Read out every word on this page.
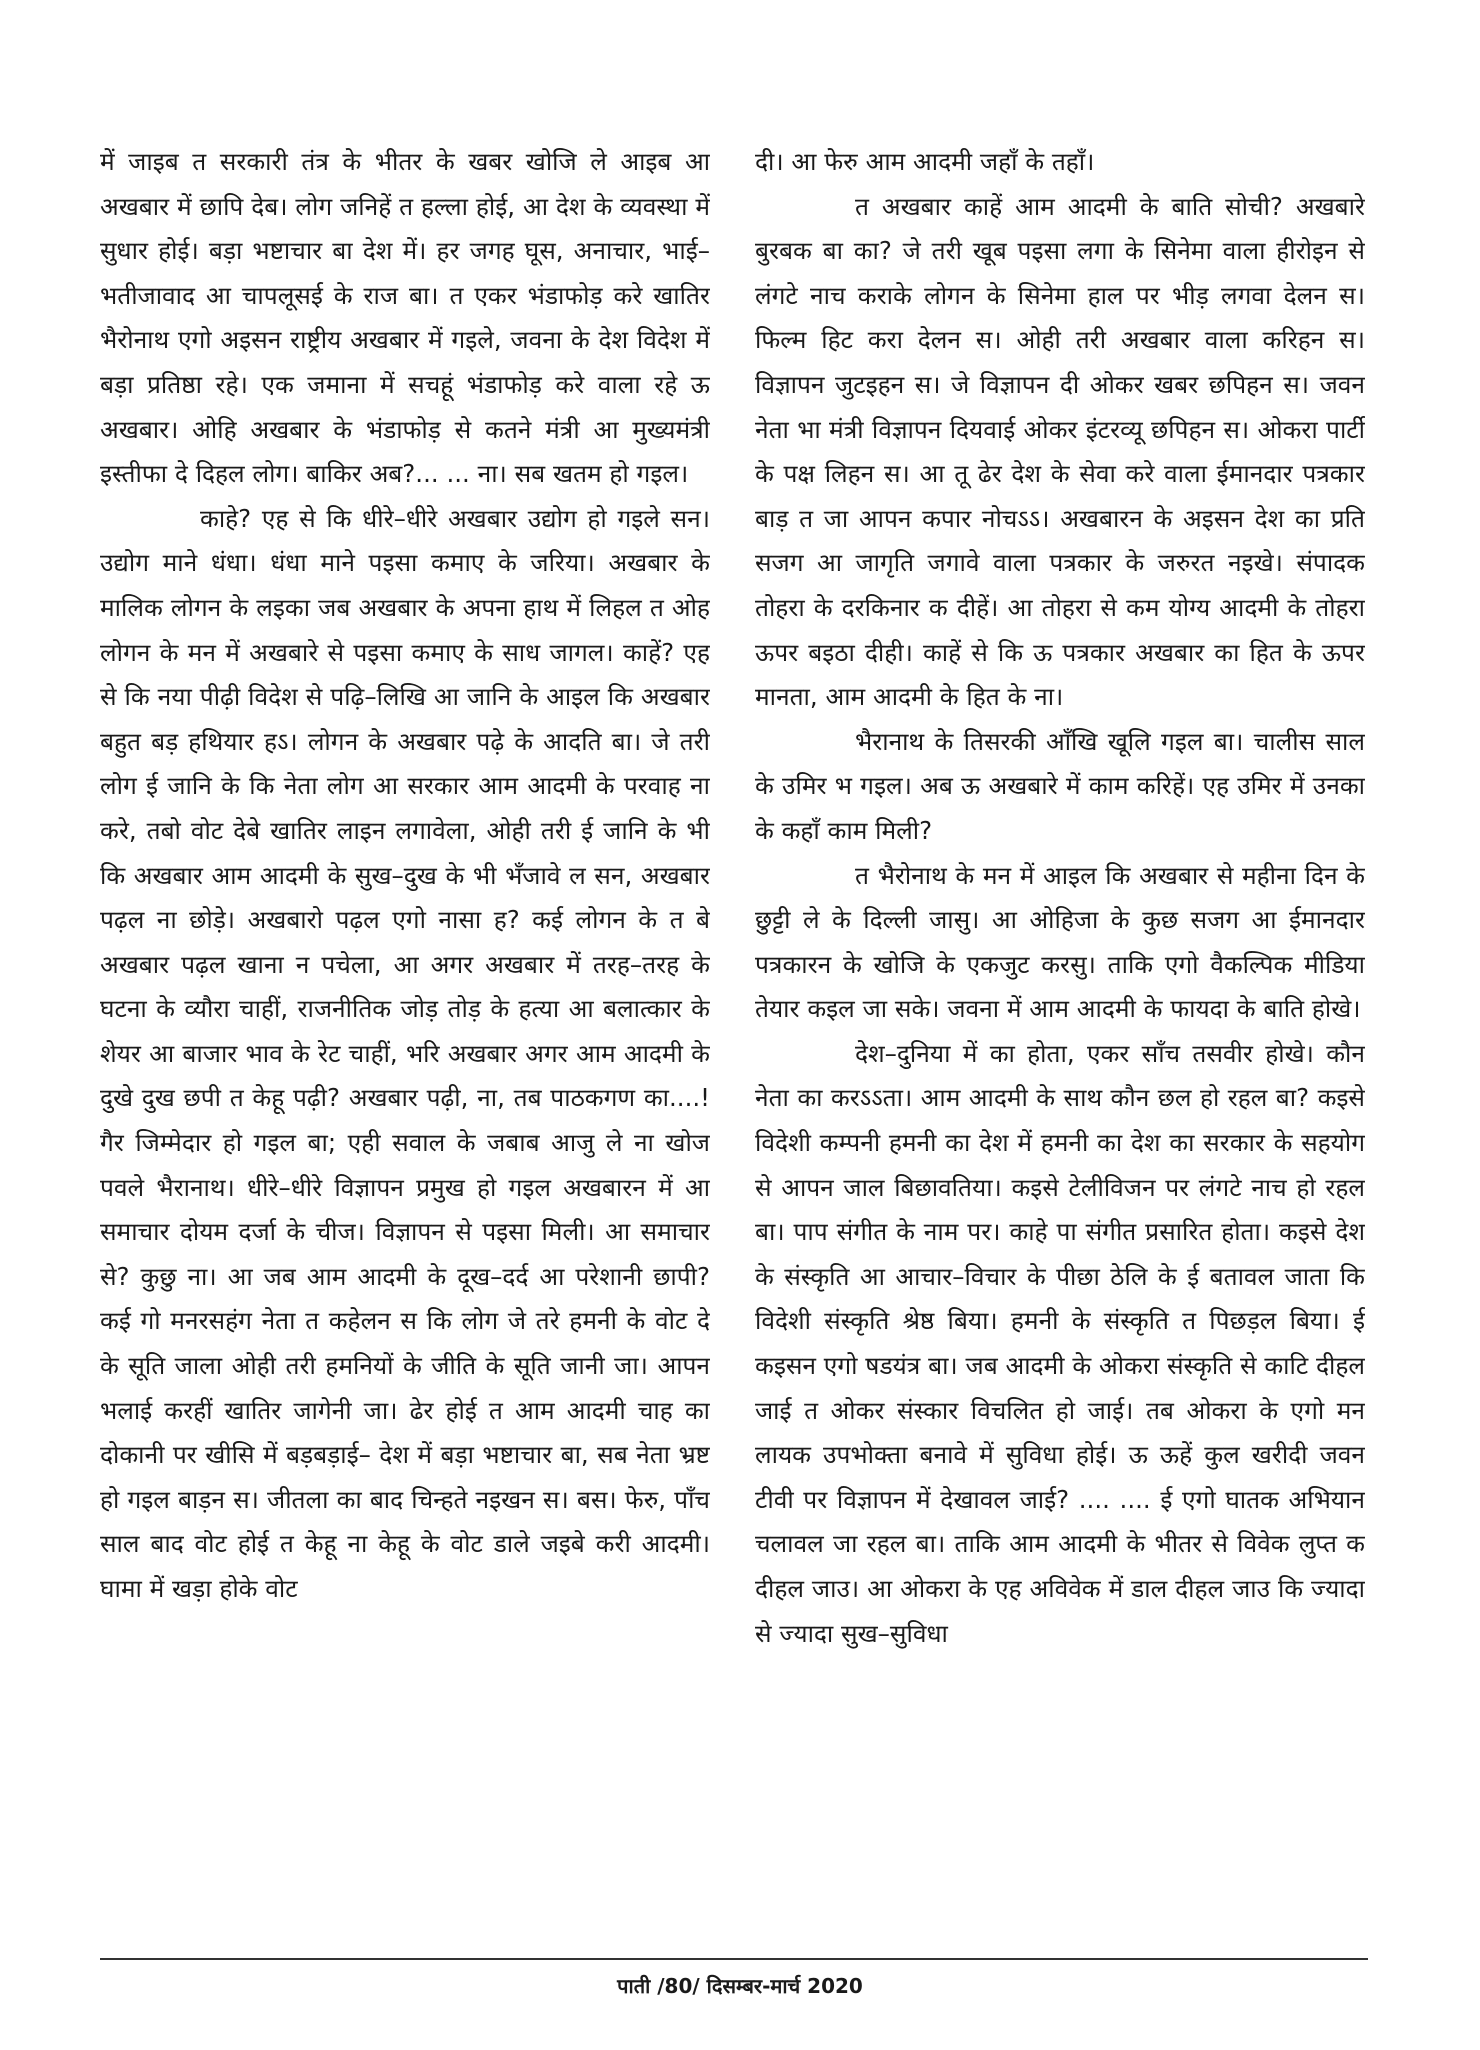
में जाइब त सरकारी तंत्र के भीतर के खबर खोजि ले आइब आ अखबार में छापि देब। लोग जनिहें त हल्ला होई, आ देश के व्यवस्था में सुधार होई। बड़ा भष्टाचार बा देश में। हर जगह घूस, अनाचार, भाई–भतीजावाद आ चापलूसई के राज बा। त एकर भंडाफोड़ करे खातिर भैरोनाथ एगो अइसन राष्ट्रीय अखबार में गइले, जवना के देश विदेश में बड़ा प्रतिष्ठा रहे। एक जमाना में सचहूं भंडाफोड़ करे वाला रहे ऊ अखबार। ओहि अखबार के भंडाफोड़ से कतने मंत्री आ मुख्यमंत्री इस्तीफा दे दिहल लोग। बाकिर अब?... ... ना। सब खतम हो गइल।

काहे? एह से कि धीरे–धीरे अखबार उद्योग हो गइले सन। उद्योग माने धंधा। धंधा माने पइसा कमाए के जरिया। अखबार के मालिक लोगन के लइका जब अखबार के अपना हाथ में लिहल त ओह लोगन के मन में अखबारे से पइसा कमाए के साध जागल। काहें? एह से कि नया पीढ़ी विदेश से पढ़ि–लिखि आ जानि के आइल कि अखबार बहुत बड़ हथियार हऽ। लोगन के अखबार पढ़े के आदति बा। जे तरी लोग ई जानि के कि नेता लोग आ सरकार आम आदमी के परवाह ना करे, तबो वोट देबे खातिर लाइन लगावेला, ओही तरी ई जानि के भी कि अखबार आम आदमी के सुख–दुख के भी भँजावे ल सन, अखबार पढ़ल ना छोड़े। अखबारो पढ़ल एगो नासा ह? कई लोगन के त बे अखबार पढ़ल खाना न पचेला, आ अगर अखबार में तरह–तरह के घटना के व्यौरा चाहीं, राजनीतिक जोड़ तोड़ के हत्या आ बलात्कार के शेयर आ बाजार भाव के रेट चाहीं, भरि अखबार अगर आम आदमी के दुखे दुख छपी त केहू पढ़ी? अखबार पढ़ी, ना, तब पाठकगण का....! गैर जिम्मेदार हो गइल बा; एही सवाल के जबाब आजु ले ना खोज पवले भैरानाथ। धीरे–धीरे विज्ञापन प्रमुख हो गइल अखबारन में आ समाचार दोयम दर्जा के चीज। विज्ञापन से पइसा मिली। आ समाचार से? कुछु ना। आ जब आम आदमी के दूख–दर्द आ परेशानी छापी? कई गो मनरसहंग नेता त कहेलन स कि लोग जे तरे हमनी के वोट दे के सूति जाला ओही तरी हमनियों के जीति के सूति जानी जा। आपन भलाई करहीं खातिर जागेनी जा। ढेर होई त आम आदमी चाह का दोकानी पर खीसि में बड़बड़ाई– देश में बड़ा भष्टाचार बा, सब नेता भ्रष्ट हो गइल बाड़न स। जीतला का बाद चिन्हते नइखन स। बस। फेरु, पाँच साल बाद वोट होई त केहू ना केहू के वोट डाले जइबे करी आदमी। घामा में खड़ा होके वोट

दी। आ फेरु आम आदमी जहाँ के तहाँ।

त अखबार काहें आम आदमी के बाति सोची? अखबारे बुरबक बा का? जे तरी खूब पइसा लगा के सिनेमा वाला हीरोइन से लंगटे नाच कराके लोगन के सिनेमा हाल पर भीड़ लगवा देलन स। फिल्म हिट करा देलन स। ओही तरी अखबार वाला करिहन स। विज्ञापन जुटइहन स। जे विज्ञापन दी ओकर खबर छपिहन स। जवन नेता भा मंत्री विज्ञापन दियवाई ओकर इंटरव्यू छपिहन स। ओकरा पार्टी के पक्ष लिहन स। आ तू ढेर देश के सेवा करे वाला ईमानदार पत्रकार बाड़ त जा आपन कपार नोचऽऽ। अखबारन के अइसन देश का प्रति सजग आ जागृति जगावे वाला पत्रकार के जरुरत नइखे। संपादक तोहरा के दरकिनार क दीहें। आ तोहरा से कम योग्य आदमी के तोहरा ऊपर बइठा दीही। काहें से कि ऊ पत्रकार अखबार का हित के ऊपर मानता, आम आदमी के हित के ना।

भैरानाथ के तिसरकी आँखि खूलि गइल बा। चालीस साल के उमिर भ गइल। अब ऊ अखबारे में काम करिहें। एह उमिर में उनका के कहाँ काम मिली?

त भैरोनाथ के मन में आइल कि अखबार से महीना दिन के छुट्टी ले के दिल्ली जासु। आ ओहिजा के कुछ सजग आ ईमानदार पत्रकारन के खोजि के एकजुट करसु। ताकि एगो वैकल्पिक मीडिया तेयार कइल जा सके। जवना में आम आदमी के फायदा के बाति होखे।

देश–दुनिया में का होता, एकर साँच तसवीर होखे। कौन नेता का करऽऽता। आम आदमी के साथ कौन छल हो रहल बा? कइसे विदेशी कम्पनी हमनी का देश में हमनी का देश का सरकार के सहयोग से आपन जाल बिछावतिया। कइसे टेलीविजन पर लंगटे नाच हो रहल बा। पाप संगीत के नाम पर। काहे पा संगीत प्रसारित होता। कइसे देश के संस्कृति आ आचार–विचार के पीछा ठेलि के ई बतावल जाता कि विदेशी संस्कृति श्रेष्ठ बिया। हमनी के संस्कृति त पिछड़ल बिया। ई कइसन एगो षडयंत्र बा। जब आदमी के ओकरा संस्कृति से काटि दीहल जाई त ओकर संस्कार विचलित हो जाई। तब ओकरा के एगो मन लायक उपभोक्ता बनावे में सुविधा होई। ऊ ऊहें कुल खरीदी जवन टीवी पर विज्ञापन में देखावल जाई? .... .... ई एगो घातक अभियान चलावल जा रहल बा। ताकि आम आदमी के भीतर से विवेक लुप्त क दीहल जाउ। आ ओकरा के एह अविवेक में डाल दीहल जाउ कि ज्यादा से ज्यादा सुख–सुविधा

पाती /80/ दिसम्बर-मार्च 2020
